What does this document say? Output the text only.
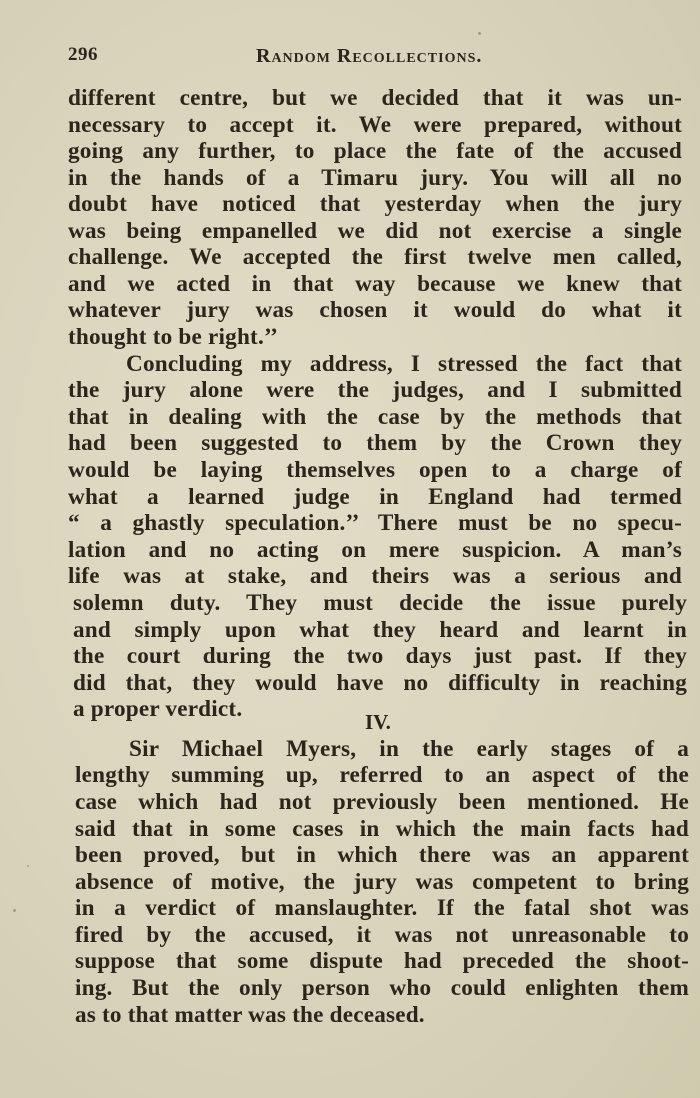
296	Random Recollections.
different centre, but we decided that it was un-
necessary to accept it. We were prepared, without
going any further, to place the fate of the accused
in the hands of a Timaru jury. You will all no
doubt have noticed that yesterday when the jury
was being empanelled we did not exercise a single
challenge. We accepted the first twelve men called,
and we acted in that way because we knew that
whatever jury was chosen it would do what it
thought to be right.’’
Concluding my address, I stressed the fact that
the jury alone were the judges, and I submitted
that in dealing with the case by the methods that
had been suggested to them by the Crown they
would be laying themselves open to a charge of
what a learned judge in England had termed
“ a ghastly speculation.’’ There must be no specu-
lation and no acting on mere suspicion. A man’s
life was at stake, and theirs was a serious and
solemn duty. They must decide the issue purely
and simply upon what they heard and learnt in
the court during the two days just past. If they
did that, they would have no difficulty in reaching
a proper verdict.	IV.
Sir Michael Myers, in the early stages of a
lengthy summing up, referred to an aspect of the
case which had not previously been mentioned. He
said that in some cases in which the main facts had
been proved, but in which there was an apparent
absence of motive, the jury was competent to bring
in a verdict of manslaughter. If the fatal shot was
fired by the accused, it was not unreasonable to
suppose that some dispute had preceded the shoot-
ing. But the only person who could enlighten them
as to that matter was the deceased.
